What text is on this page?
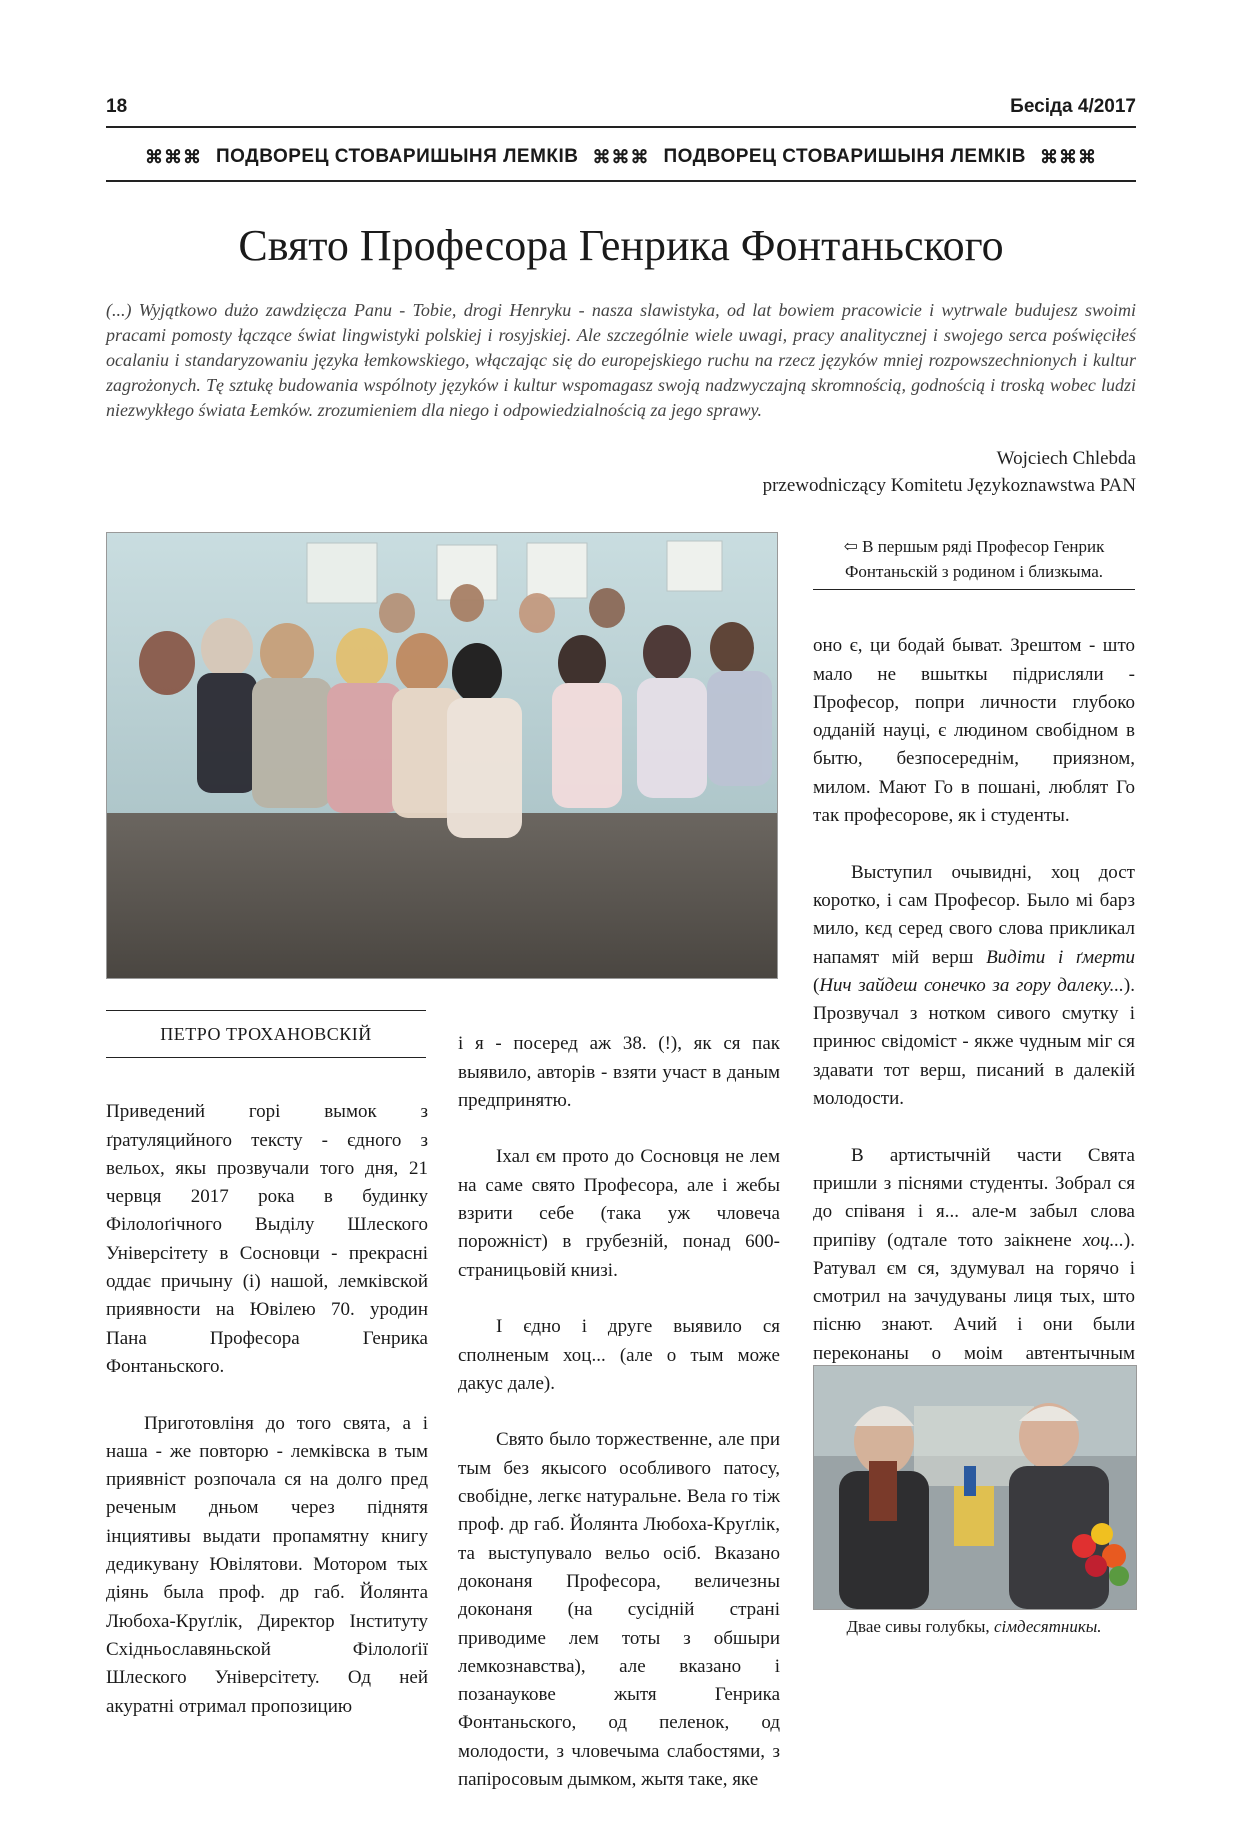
18	Бесіда 4/2017
⌘⌘⌘ ПОДВОРЕЦ СТОВАРИШЫНЯ ЛЕМКІВ ⌘⌘⌘ ПОДВОРЕЦ СТОВАРИШЫНЯ ЛЕМКІВ ⌘⌘⌘
Свято Професора Генрика Фонтаньского

(...) Wyjątkowo dużo zawdzięcza Panu - Tobie, drogi Henryku - nasza slawistyka, od lat bowiem pracowicie i wytrwale budujesz swoimi pracami pomosty łączące świat lingwistyki polskiej i rosyjskiej. Ale szczególnie wiele uwagi, pracy analitycznej i swojego serca poświęciłeś ocalaniu i standaryzowaniu języka łemkowskiego, włączając się do europejskiego ruchu na rzecz języków mniej rozpowszechnionych i kultur zagrożonych. Tę sztukę budowania wspólnoty języków i kultur wspomagasz swoją nadzwyczajną skromnością, godnością i troską wobec ludzi niezwykłego świata Łemków. zrozumieniem dla niego i odpowiedzialnością za jego sprawy.

Wojciech Chlebda
przewodniczący Komitetu Językoznawstwa PAN
⇦ В першым ряді Професор Генрик Фонтаньскій з родином і близкыма.
ПЕТРО ТРОХАНОВСКІЙ

Приведений горі вымок з ґратуляцийного тексту - єдного з вельох, якы прозвучали того дня, 21 червця 2017 рока в будинку Філолоґічного Выділу Шлеского Універсітету в Сосновци - прекрасні оддає причыну (і) нашой, лемківской приявности на Ювілею 70. уродин Пана Професора Генрика Фонтаньского.

Приготовліня до того свята, а і наша - же повторю - лемківска в тым приявніст розпочала ся на долго пред реченым дньом через піднятя інциятивы выдати пропамятну книгу дедикувану Ювілятови. Мотором тых діянь была проф. др габ. Йолянта Любоха-Круґлік, Директор Інституту Східньославяньской Філолоґії Шлеского Універсітету. Од ней акуратні отримал пропозицию

і я - посеред аж 38. (!), як ся пак выявило, авторів - взяти участ в даным предпринятю.

Іхал єм прото до Сосновця не лем на саме свято Професора, але і жебы взрити себе (така уж чловеча порожніст) в грубезній, понад 600-страницьовій книзі.

І єдно і друге выявило ся сполненым хоц... (але о тым може дакус дале).

Свято было торжественне, але при тым без якысого особливого патосу, свобідне, легкє натуральне. Вела го тіж проф. др габ. Йолянта Любоха-Круґлік, та выступувало вельо осіб. Вказано доконаня Професора, величезны доконаня (на сусідній страні приводиме лем тоты з обшыри лемкознавства), але вказано і позанаукове жытя Генрика Фонтаньского, од пеленок, од молодости, з чловечыма слабостями, з папіросовым дымком, жытя таке, яке

оно є, ци бодай быват. Зрештом - што мало не вшыткы підрисляли - Професор, попри личности глубоко одданій науці, є людином свобідном в бытю, безпосереднім, приязном, милом. Мают Го в пошані, люблят Го так професорове, як і студенты.

Выступил очывидні, хоц дост коротко, і сам Професор. Было мі барз мило, кєд серед свого слова прикликал напамят мій верш Видіти і ґмерти (Нич зайдеш сонечко за гору далеку...). Прозвучал з нотком сивого смутку і принюс свідоміст - якже чудным міг ся здавати тот верш, писаний в далекій молодости.

В артистычній части Свята пришли з піснями студенты. Зобрал ся до співаня і я... але-м забыл слова припіву (одтале тото заікнене хоц...). Ратувал єм ся, здумувал на горячо і смотрил на зачудуваны лиця тых, што пісню знают. Ачий і они были переконаны о моім автентычным

Двае сивы голубкы, сімдесятникы.
